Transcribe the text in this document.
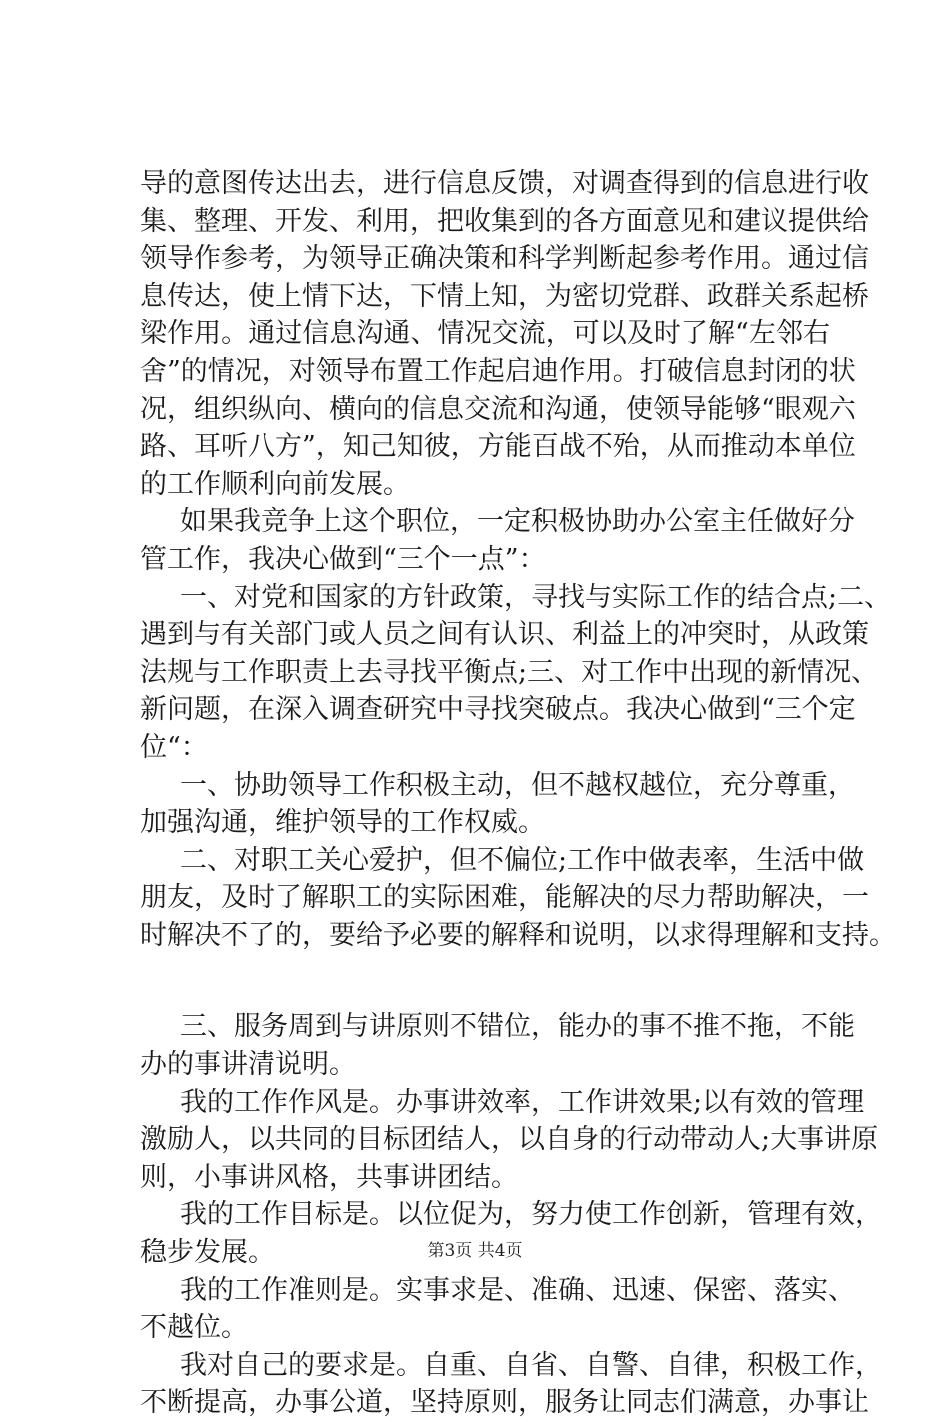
导的意图传达出去，进行信息反馈，对调查得到的信息进行收
集、整理、开发、利用，把收集到的各方面意见和建议提供给
领导作参考，为领导正确决策和科学判断起参考作用。通过信
息传达，使上情下达，下情上知，为密切党群、政群关系起桥
梁作用。通过信息沟通、情况交流，可以及时了解“左邻右
舍”的情况，对领导布置工作起启迪作用。打破信息封闭的状
况，组织纵向、横向的信息交流和沟通，使领导能够“眼观六
路、耳听八方”，知己知彼，方能百战不殆，从而推动本单位
的工作顺利向前发展。
如果我竞争上这个职位，一定积极协助办公室主任做好分
管工作，我决心做到“三个一点”：
一、对党和国家的方针政策，寻找与实际工作的结合点;二、
遇到与有关部门或人员之间有认识、利益上的冲突时，从政策
法规与工作职责上去寻找平衡点;三、对工作中出现的新情况、
新问题，在深入调查研究中寻找突破点。我决心做到“三个定
位“：
一、协助领导工作积极主动，但不越权越位，充分尊重，
加强沟通，维护领导的工作权威。
二、对职工关心爱护，但不偏位;工作中做表率，生活中做
朋友，及时了解职工的实际困难，能解决的尽力帮助解决，一
时解决不了的，要给予必要的解释和说明，以求得理解和支持。
三、服务周到与讲原则不错位，能办的事不推不拖，不能
办的事讲清说明。
我的工作作风是。办事讲效率，工作讲效果;以有效的管理
激励人，以共同的目标团结人，以自身的行动带动人;大事讲原
则，小事讲风格，共事讲团结。
我的工作目标是。以位促为，努力使工作创新，管理有效，
稳步发展。
我的工作准则是。实事求是、准确、迅速、保密、落实、
不越位。
我对自己的要求是。自重、自省、自警、自律，积极工作，
不断提高，办事公道，坚持原则，服务让同志们满意，办事让
第3页 共4页
